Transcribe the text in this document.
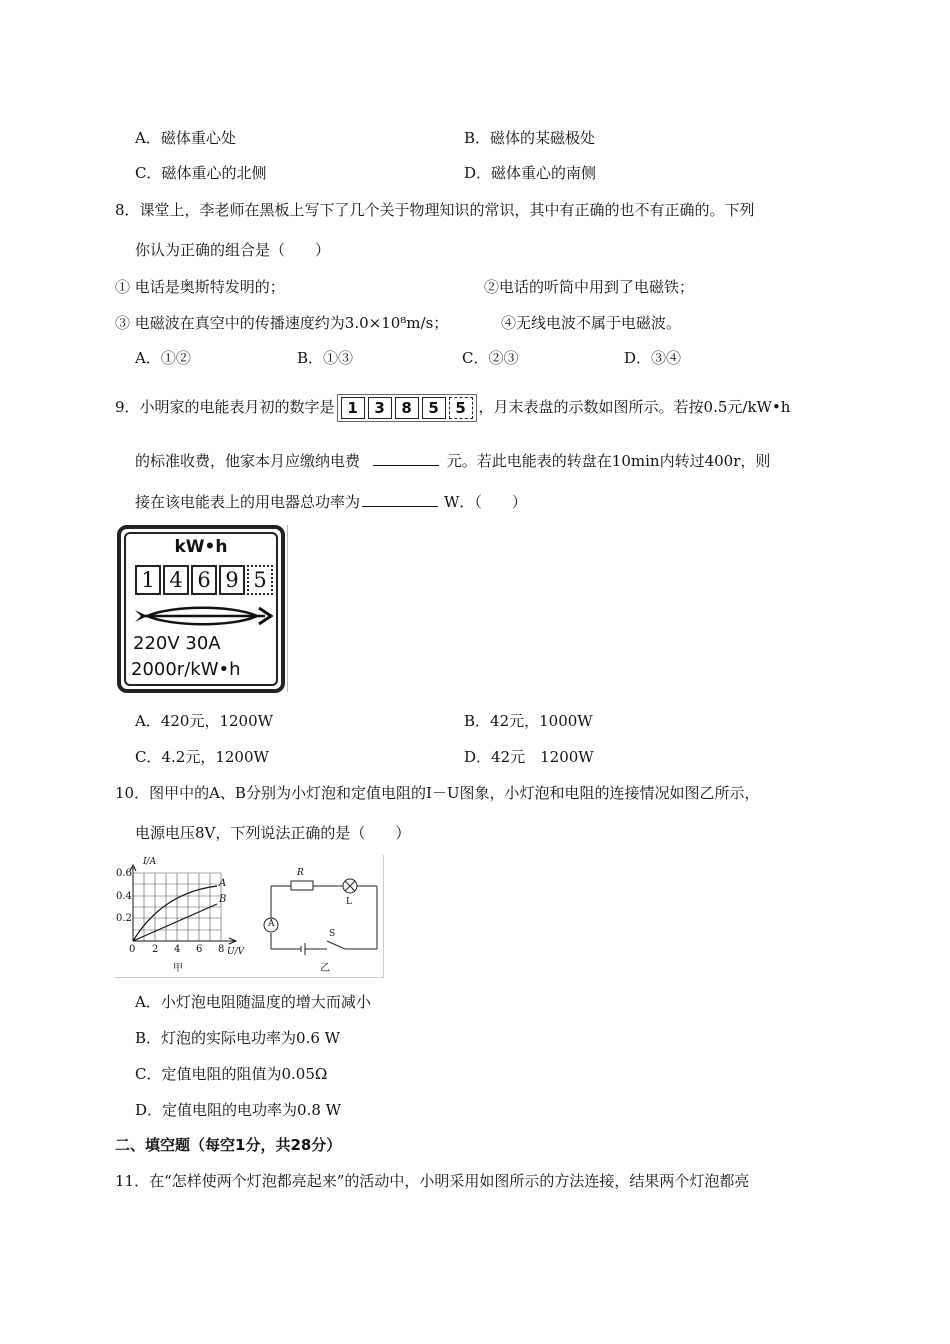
A．磁体重心处	B．磁体的某磁极处
C．磁体重心的北侧	D．磁体重心的南侧
8．课堂上，李老师在黑板上写下了几个关于物理知识的常识，其中有正确的也不有正确的。下列
你认为正确的组合是（　　）
① 电话是奥斯特发明的；	②电话的听筒中用到了电磁铁；
③ 电磁波在真空中的传播速度约为3.0×10⁸m/s；	④无线电波不属于电磁波。
A．①②	B．①③	C．②③	D．③④
9．小明家的电能表月初的数字是 1 3 8 5 5 ，月末表盘的示数如图所示。若按0.5元/kW•h
的标准收费，他家本月应缴纳电费	元。若此电能表的转盘在10min内转过400r，则
接在该电能表上的用电器总功率为	W．（　　）
kW•h
1 4 6 9 5
220V 30A
2000r/kW•h
A．420元，1200W	B．42元，1000W
C．4.2元，1200W	D．42元　1200W
10．图甲中的A、B分别为小灯泡和定值电阻的I－U图象，小灯泡和电阻的连接情况如图乙所示，
电源电压8V，下列说法正确的是（　　）
I/A
U/V
0.6
0.4
0.2
0 2 4 6 8
A
B
甲
R
L
S
A
乙
A．小灯泡电阻随温度的增大而减小
B．灯泡的实际电功率为0.6 W
C．定值电阻的阻值为0.05Ω
D．定值电阻的电功率为0.8 W
二、填空题（每空1分，共28分）
11．在“怎样使两个灯泡都亮起来”的活动中，小明采用如图所示的方法连接，结果两个灯泡都亮
